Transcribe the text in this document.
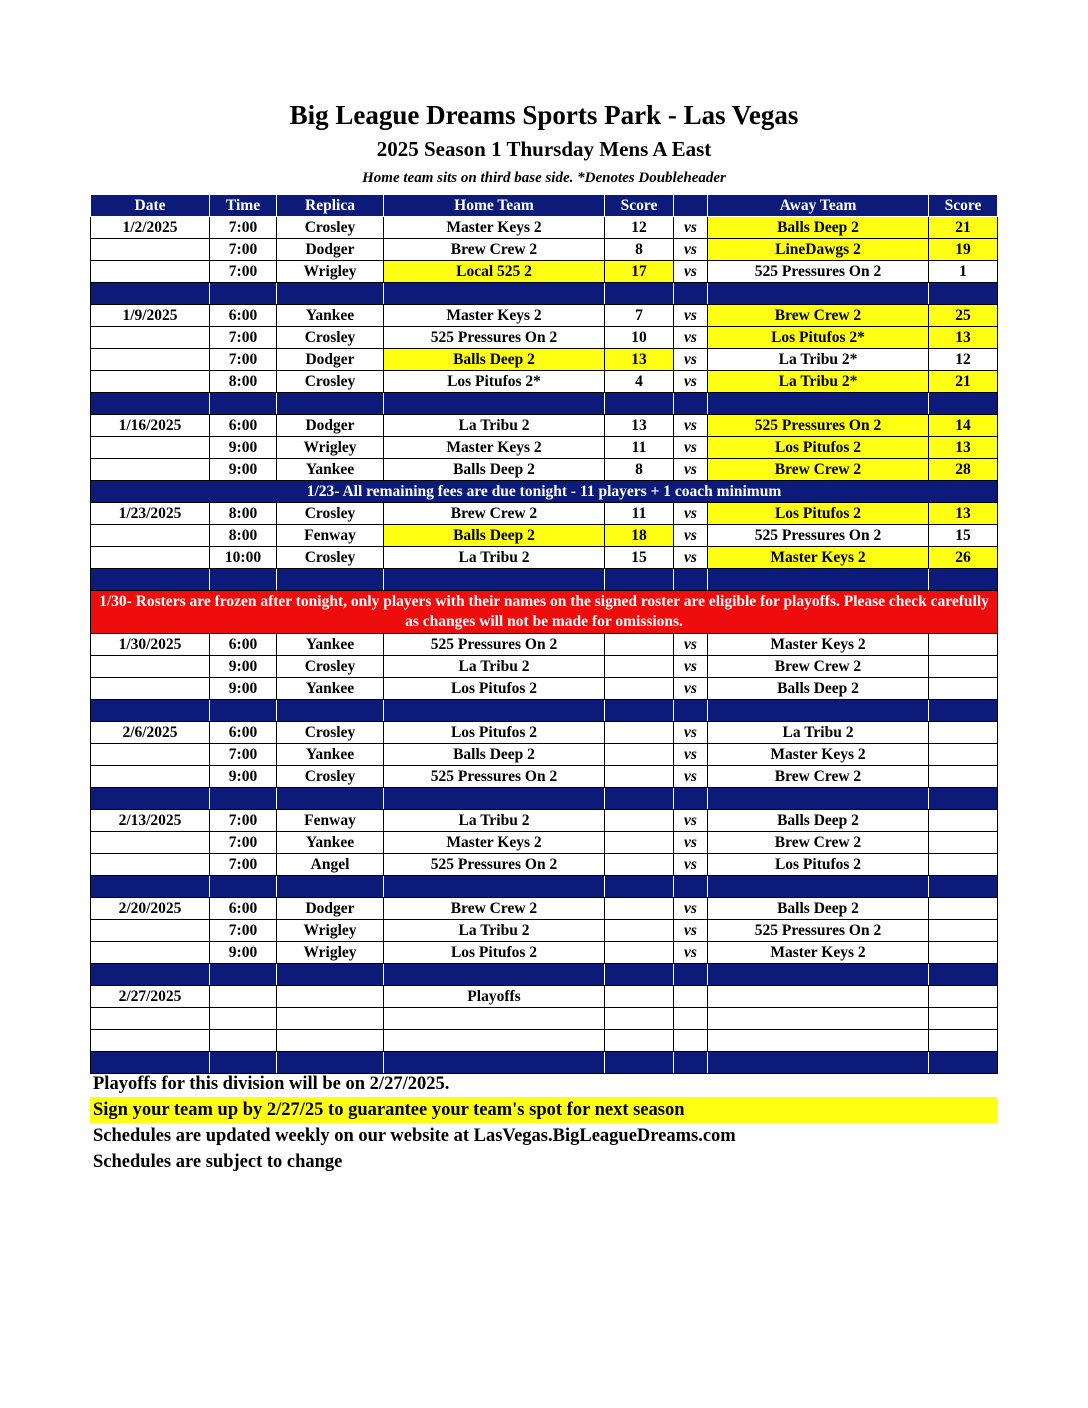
Big League Dreams Sports Park - Las Vegas
2025 Season 1 Thursday Mens A East
Home team sits on third base side. *Denotes Doubleheader
Date	Time	Replica	Home Team	Score		Away Team	Score
1/2/2025	7:00	Crosley	Master Keys 2	12	vs	Balls Deep 2	21
	7:00	Dodger	Brew Crew 2	8	vs	LineDawgs 2	19
	7:00	Wrigley	Local 525 2	17	vs	525 Pressures On 2	1

1/9/2025	6:00	Yankee	Master Keys 2	7	vs	Brew Crew 2	25
	7:00	Crosley	525 Pressures On 2	10	vs	Los Pitufos 2*	13
	7:00	Dodger	Balls Deep 2	13	vs	La Tribu 2*	12
	8:00	Crosley	Los Pitufos 2*	4	vs	La Tribu 2*	21

1/16/2025	6:00	Dodger	La Tribu 2	13	vs	525 Pressures On 2	14
	9:00	Wrigley	Master Keys 2	11	vs	Los Pitufos 2	13
	9:00	Yankee	Balls Deep 2	8	vs	Brew Crew 2	28
1/23- All remaining fees are due tonight - 11 players + 1 coach minimum							
1/23/2025	8:00	Crosley	Brew Crew 2	11	vs	Los Pitufos 2	13
	8:00	Fenway	Balls Deep 2	18	vs	525 Pressures On 2	15
	10:00	Crosley	La Tribu 2	15	vs	Master Keys 2	26

1/30- Rosters are frozen after tonight, only players with their names on the signed roster are eligible for playoffs. Please check carefully as changes will not be made for omissions.							
1/30/2025	6:00	Yankee	525 Pressures On 2		vs	Master Keys 2	
	9:00	Crosley	La Tribu 2		vs	Brew Crew 2	
	9:00	Yankee	Los Pitufos 2		vs	Balls Deep 2	

2/6/2025	6:00	Crosley	Los Pitufos 2		vs	La Tribu 2	
	7:00	Yankee	Balls Deep 2		vs	Master Keys 2	
	9:00	Crosley	525 Pressures On 2		vs	Brew Crew 2	

2/13/2025	7:00	Fenway	La Tribu 2		vs	Balls Deep 2	
	7:00	Yankee	Master Keys 2		vs	Brew Crew 2	
	7:00	Angel	525 Pressures On 2		vs	Los Pitufos 2	

2/20/2025	6:00	Dodger	Brew Crew 2		vs	Balls Deep 2	
	7:00	Wrigley	La Tribu 2		vs	525 Pressures On 2	
	9:00	Wrigley	Los Pitufos 2		vs	Master Keys 2	

2/27/2025			Playoffs				

Playoffs for this division will be on 2/27/2025.
Sign your team up by 2/27/25 to guarantee your team's spot for next season
Schedules are updated weekly on our website at LasVegas.BigLeagueDreams.com
Schedules are subject to change
